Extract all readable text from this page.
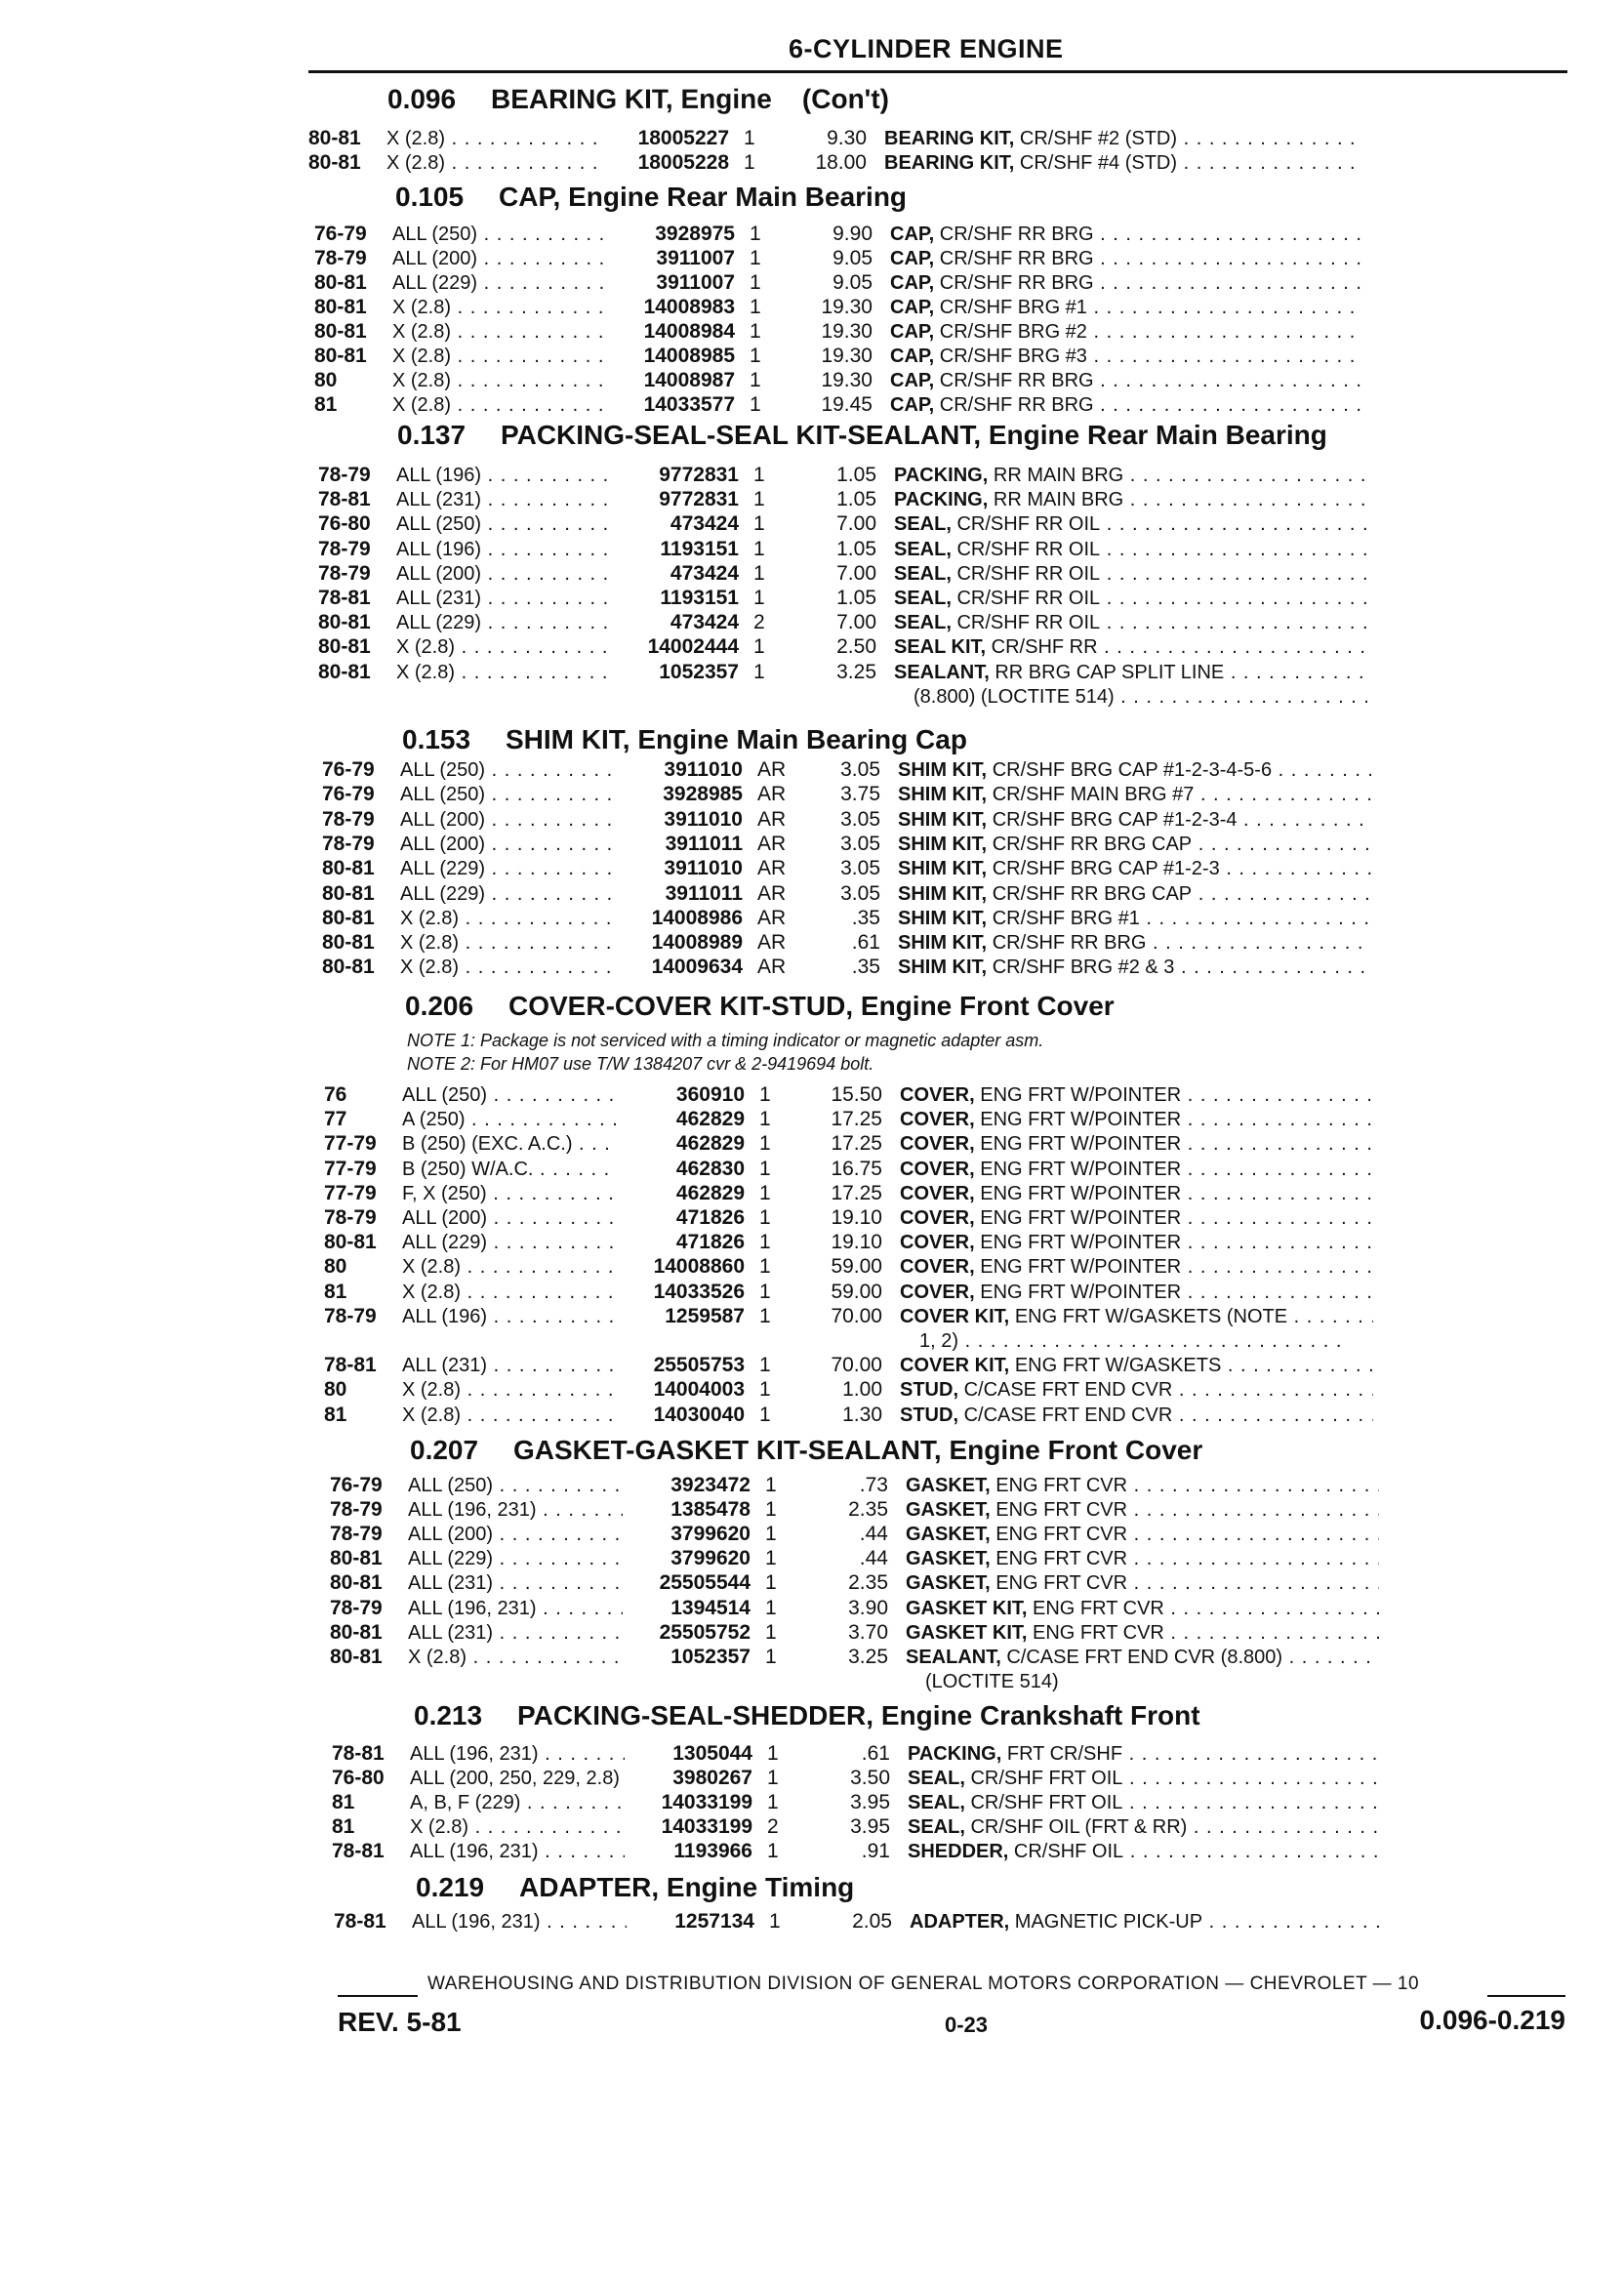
6-CYLINDER ENGINE
0.096 BEARING KIT, Engine (Con't)
80-81 X (2.8) . . .	18005227 1	9.30 BEARING KIT, CR/SHF #2 (STD) . . .
80-81 X (2.8) . . .	18005228 1	18.00 BEARING KIT, CR/SHF #4 (STD) . . .
0.105 CAP, Engine Rear Main Bearing
76-79 ALL (250) . . .	3928975 1	9.90 CAP, CR/SHF RR BRG . . .
78-79 ALL (200) . . .	3911007 1	9.05 CAP, CR/SHF RR BRG . . .
80-81 ALL (229) . . .	3911007 1	9.05 CAP, CR/SHF RR BRG . . .
80-81 X (2.8) . . .	14008983 1	19.30 CAP, CR/SHF BRG #1 . . .
80-81 X (2.8) . . .	14008984 1	19.30 CAP, CR/SHF BRG #2 . . .
80-81 X (2.8) . . .	14008985 1	19.30 CAP, CR/SHF BRG #3 . . .
80	X (2.8) . . .	14008987 1	19.30 CAP, CR/SHF RR BRG . . .
81	X (2.8) . . .	14033577 1	19.45 CAP, CR/SHF RR BRG . . .
0.137 PACKING-SEAL-SEAL KIT-SEALANT, Engine Rear Main Bearing
78-79 ALL (196) . . .	9772831 1	1.05 PACKING, RR MAIN BRG . . .
78-81 ALL (231) . . .	9772831 1	1.05 PACKING, RR MAIN BRG . . .
76-80 ALL (250) . . .	473424 1	7.00 SEAL, CR/SHF RR OIL . . .
78-79 ALL (196) . . .	1193151 1	1.05 SEAL, CR/SHF RR OIL . . .
78-79 ALL (200) . . .	473424 1	7.00 SEAL, CR/SHF RR OIL . . .
78-81 ALL (231) . . .	1193151 1	1.05 SEAL, CR/SHF RR OIL . . .
80-81 ALL (229) . . .	473424 2	7.00 SEAL, CR/SHF RR OIL . . .
80-81 X (2.8) . . .	14002444 1	2.50 SEAL KIT, CR/SHF RR . . .
80-81 X (2.8) . . .	1052357 1	3.25 SEALANT, RR BRG CAP SPLIT LINE . . .
(8.800) (LOCTITE 514) . . .
0.153 SHIM KIT, Engine Main Bearing Cap
76-79 ALL (250) . . .	3911010 AR	3.05 SHIM KIT, CR/SHF BRG CAP #1-2-3-4-5-6 . . .
76-79 ALL (250) . . .	3928985 AR	3.75 SHIM KIT, CR/SHF MAIN BRG #7 . . .
78-79 ALL (200) . . .	3911010 AR	3.05 SHIM KIT, CR/SHF BRG CAP #1-2-3-4 . . .
78-79 ALL (200) . . .	3911011 AR	3.05 SHIM KIT, CR/SHF RR BRG CAP . . .
80-81 ALL (229) . . .	3911010 AR	3.05 SHIM KIT, CR/SHF BRG CAP #1-2-3 . . .
80-81 ALL (229) . . .	3911011 AR	3.05 SHIM KIT, CR/SHF RR BRG CAP . . .
80-81 X (2.8) . . .	14008986 AR	.35 SHIM KIT, CR/SHF BRG #1 . . .
80-81 X (2.8) . . .	14008989 AR	.61 SHIM KIT, CR/SHF RR BRG . . .
80-81 X (2.8) . . .	14009634 AR	.35 SHIM KIT, CR/SHF BRG #2 & 3 . . .
0.206 COVER-COVER KIT-STUD, Engine Front Cover
NOTE 1: Package is not serviced with a timing indicator or magnetic adapter asm.
NOTE 2: For HM07 use T/W 1384207 cvr & 2-9419694 bolt.
76	ALL (250) . . .	360910 1	15.50 COVER, ENG FRT W/POINTER . . .
77	A (250) . . .	462829 1	17.25 COVER, ENG FRT W/POINTER . . .
77-79 B (250) (EXC. A.C.) . . .	462829 1	17.25 COVER, ENG FRT W/POINTER . . .
77-79 B (250) W/A.C. . . .	462830 1	16.75 COVER, ENG FRT W/POINTER . . .
77-79 F, X (250) . . .	462829 1	17.25 COVER, ENG FRT W/POINTER . . .
78-79 ALL (200) . . .	471826 1	19.10 COVER, ENG FRT W/POINTER . . .
80-81 ALL (229) . . .	471826 1	19.10 COVER, ENG FRT W/POINTER . . .
80	X (2.8) . . .	14008860 1	59.00 COVER, ENG FRT W/POINTER . . .
81	X (2.8) . . .	14033526 1	59.00 COVER, ENG FRT W/POINTER . . .
78-79 ALL (196) . . .	1259587 1	70.00 COVER KIT, ENG FRT W/GASKETS (NOTE . . .
1, 2) . . .
78-81 ALL (231) . . .	25505753 1	70.00 COVER KIT, ENG FRT W/GASKETS . . .
80	X (2.8) . . .	14004003 1	1.00 STUD, C/CASE FRT END CVR . . .
81	X (2.8) . . .	14030040 1	1.30 STUD, C/CASE FRT END CVR . . .
0.207 GASKET-GASKET KIT-SEALANT, Engine Front Cover
76-79 ALL (250) . . .	3923472 1	.73 GASKET, ENG FRT CVR . . .
78-79 ALL (196, 231) . . .	1385478 1	2.35 GASKET, ENG FRT CVR . . .
78-79 ALL (200) . . .	3799620 1	.44 GASKET, ENG FRT CVR . . .
80-81 ALL (229) . . .	3799620 1	.44 GASKET, ENG FRT CVR . . .
80-81 ALL (231) . . .	25505544 1	2.35 GASKET, ENG FRT CVR . . .
78-79 ALL (196, 231) . . .	1394514 1	3.90 GASKET KIT, ENG FRT CVR . . .
80-81 ALL (231) . . .	25505752 1	3.70 GASKET KIT, ENG FRT CVR . . .
80-81 X (2.8) . . .	1052357 1	3.25 SEALANT, C/CASE FRT END CVR (8.800) . . .
(LOCTITE 514)
0.213 PACKING-SEAL-SHEDDER, Engine Crankshaft Front
78-81 ALL (196, 231) . . .	1305044 1	.61 PACKING, FRT CR/SHF . . .
76-80 ALL (200, 250, 229, 2.8) . . .	3980267 1	3.50 SEAL, CR/SHF FRT OIL . . .
81	A, B, F (229) . . .	14033199 1	3.95 SEAL, CR/SHF FRT OIL . . .
81	X (2.8) . . .	14033199 2	3.95 SEAL, CR/SHF OIL (FRT & RR) . . .
78-81 ALL (196, 231) . . .	1193966 1	.91 SHEDDER, CR/SHF OIL . . .
0.219 ADAPTER, Engine Timing
78-81 ALL (196, 231) . . .	1257134 1	2.05 ADAPTER, MAGNETIC PICK-UP . . .
WAREHOUSING AND DISTRIBUTION DIVISION OF GENERAL MOTORS CORPORATION — CHEVROLET — 10
REV. 5-81	0-23	0.096-0.219
